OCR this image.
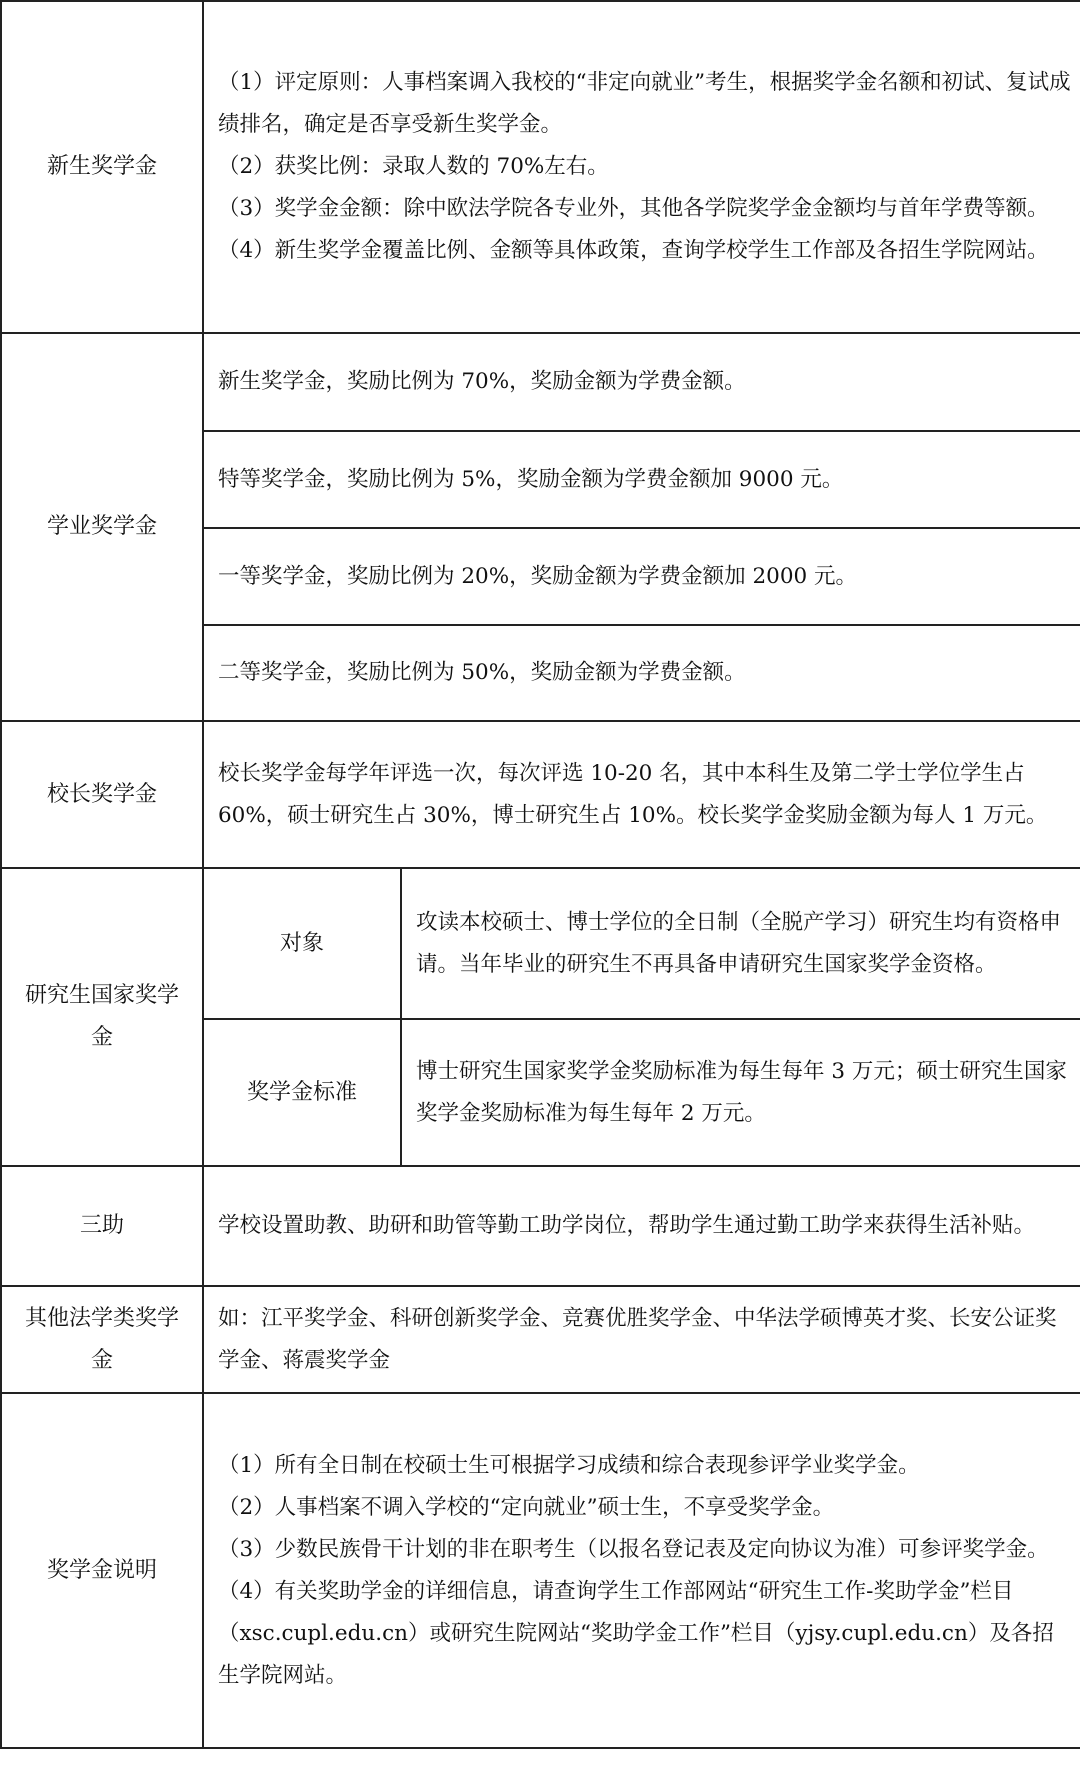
新生奖学金	（1）评定原则：人事档案调入我校的“非定向就业”考生，根据奖学金名额和初试、复试成绩排名，确定是否享受新生奖学金。

（2）获奖比例：录取人数的 70%左右。

（3）奖学金金额：除中欧法学院各专业外，其他各学院奖学金金额均与首年学费等额。

（4）新生奖学金覆盖比例、金额等具体政策，查询学校学生工作部及各招生学院网站。	

学业奖学金	新生奖学金，奖励比例为 70%，奖励金额为学费金额。	
	特等奖学金，奖励比例为 5%，奖励金额为学费金额加 9000 元。	
	一等奖学金，奖励比例为 20%，奖励金额为学费金额加 2000 元。	
	二等奖学金，奖励比例为 50%，奖励金额为学费金额。	
校长奖学金	校长奖学金每学年评选一次，每次评选 10-20 名，其中本科生及第二学士学位学生占 60%，硕士研究生占 30%，博士研究生占 10%。校长奖学金奖励金额为每人 1 万元。	
研究生国家奖学金	对象	攻读本校硕士、博士学位的全日制（全脱产学习）研究生均有资格申请。当年毕业的研究生不再具备申请研究生国家奖学金资格。
	奖学金标准	博士研究生国家奖学金奖励标准为每生每年 3 万元；硕士研究生国家奖学金奖励标准为每生每年 2 万元。
三助	学校设置助教、助研和助管等勤工助学岗位，帮助学生通过勤工助学来获得生活补贴。	
其他法学类奖学金	如：江平奖学金、科研创新奖学金、竞赛优胜奖学金、中华法学硕博英才奖、长安公证奖学金、蒋震奖学金	
奖学金说明	（1）所有全日制在校硕士生可根据学习成绩和综合表现参评学业奖学金。

（2）人事档案不调入学校的“定向就业”硕士生，不享受奖学金。

（3）少数民族骨干计划的非在职考生（以报名登记表及定向协议为准）可参评奖学金。

（4）有关奖助学金的详细信息，请查询学生工作部网站“研究生工作-奖助学金”栏目（xsc.cupl.edu.cn）或研究生院网站“奖助学金工作”栏目（yjsy.cupl.edu.cn）及各招生学院网站。	
